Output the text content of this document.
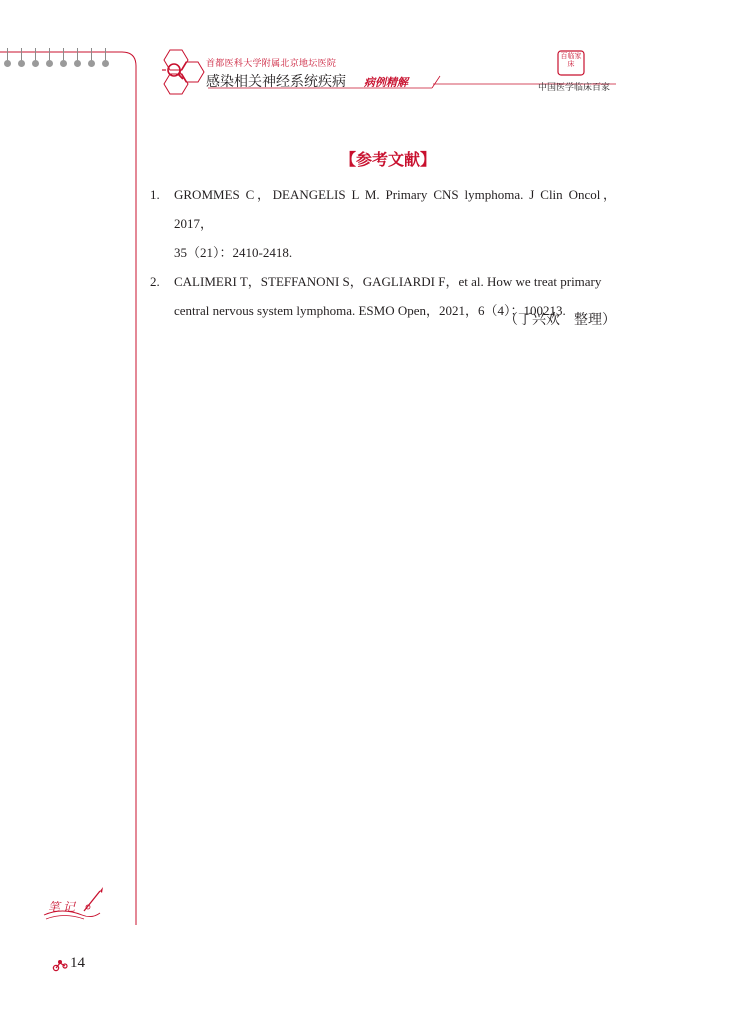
首都医科大学附属北京地坛医院
感染相关神经系统疾病 病例精解
百临家床
中国医学临床百家
【参考文献】
1.	GROMMES C，DEANGELIS L M. Primary CNS lymphoma. J Clin Oncol，2017，
35（21）：2410-2418.
2.	CALIMERI T，STEFFANONI S，GAGLIARDI F，et al. How we treat primary
central nervous system lymphoma. ESMO Open，2021，6（4）：100213.
（丁兴欢　整理）
笔记
14
